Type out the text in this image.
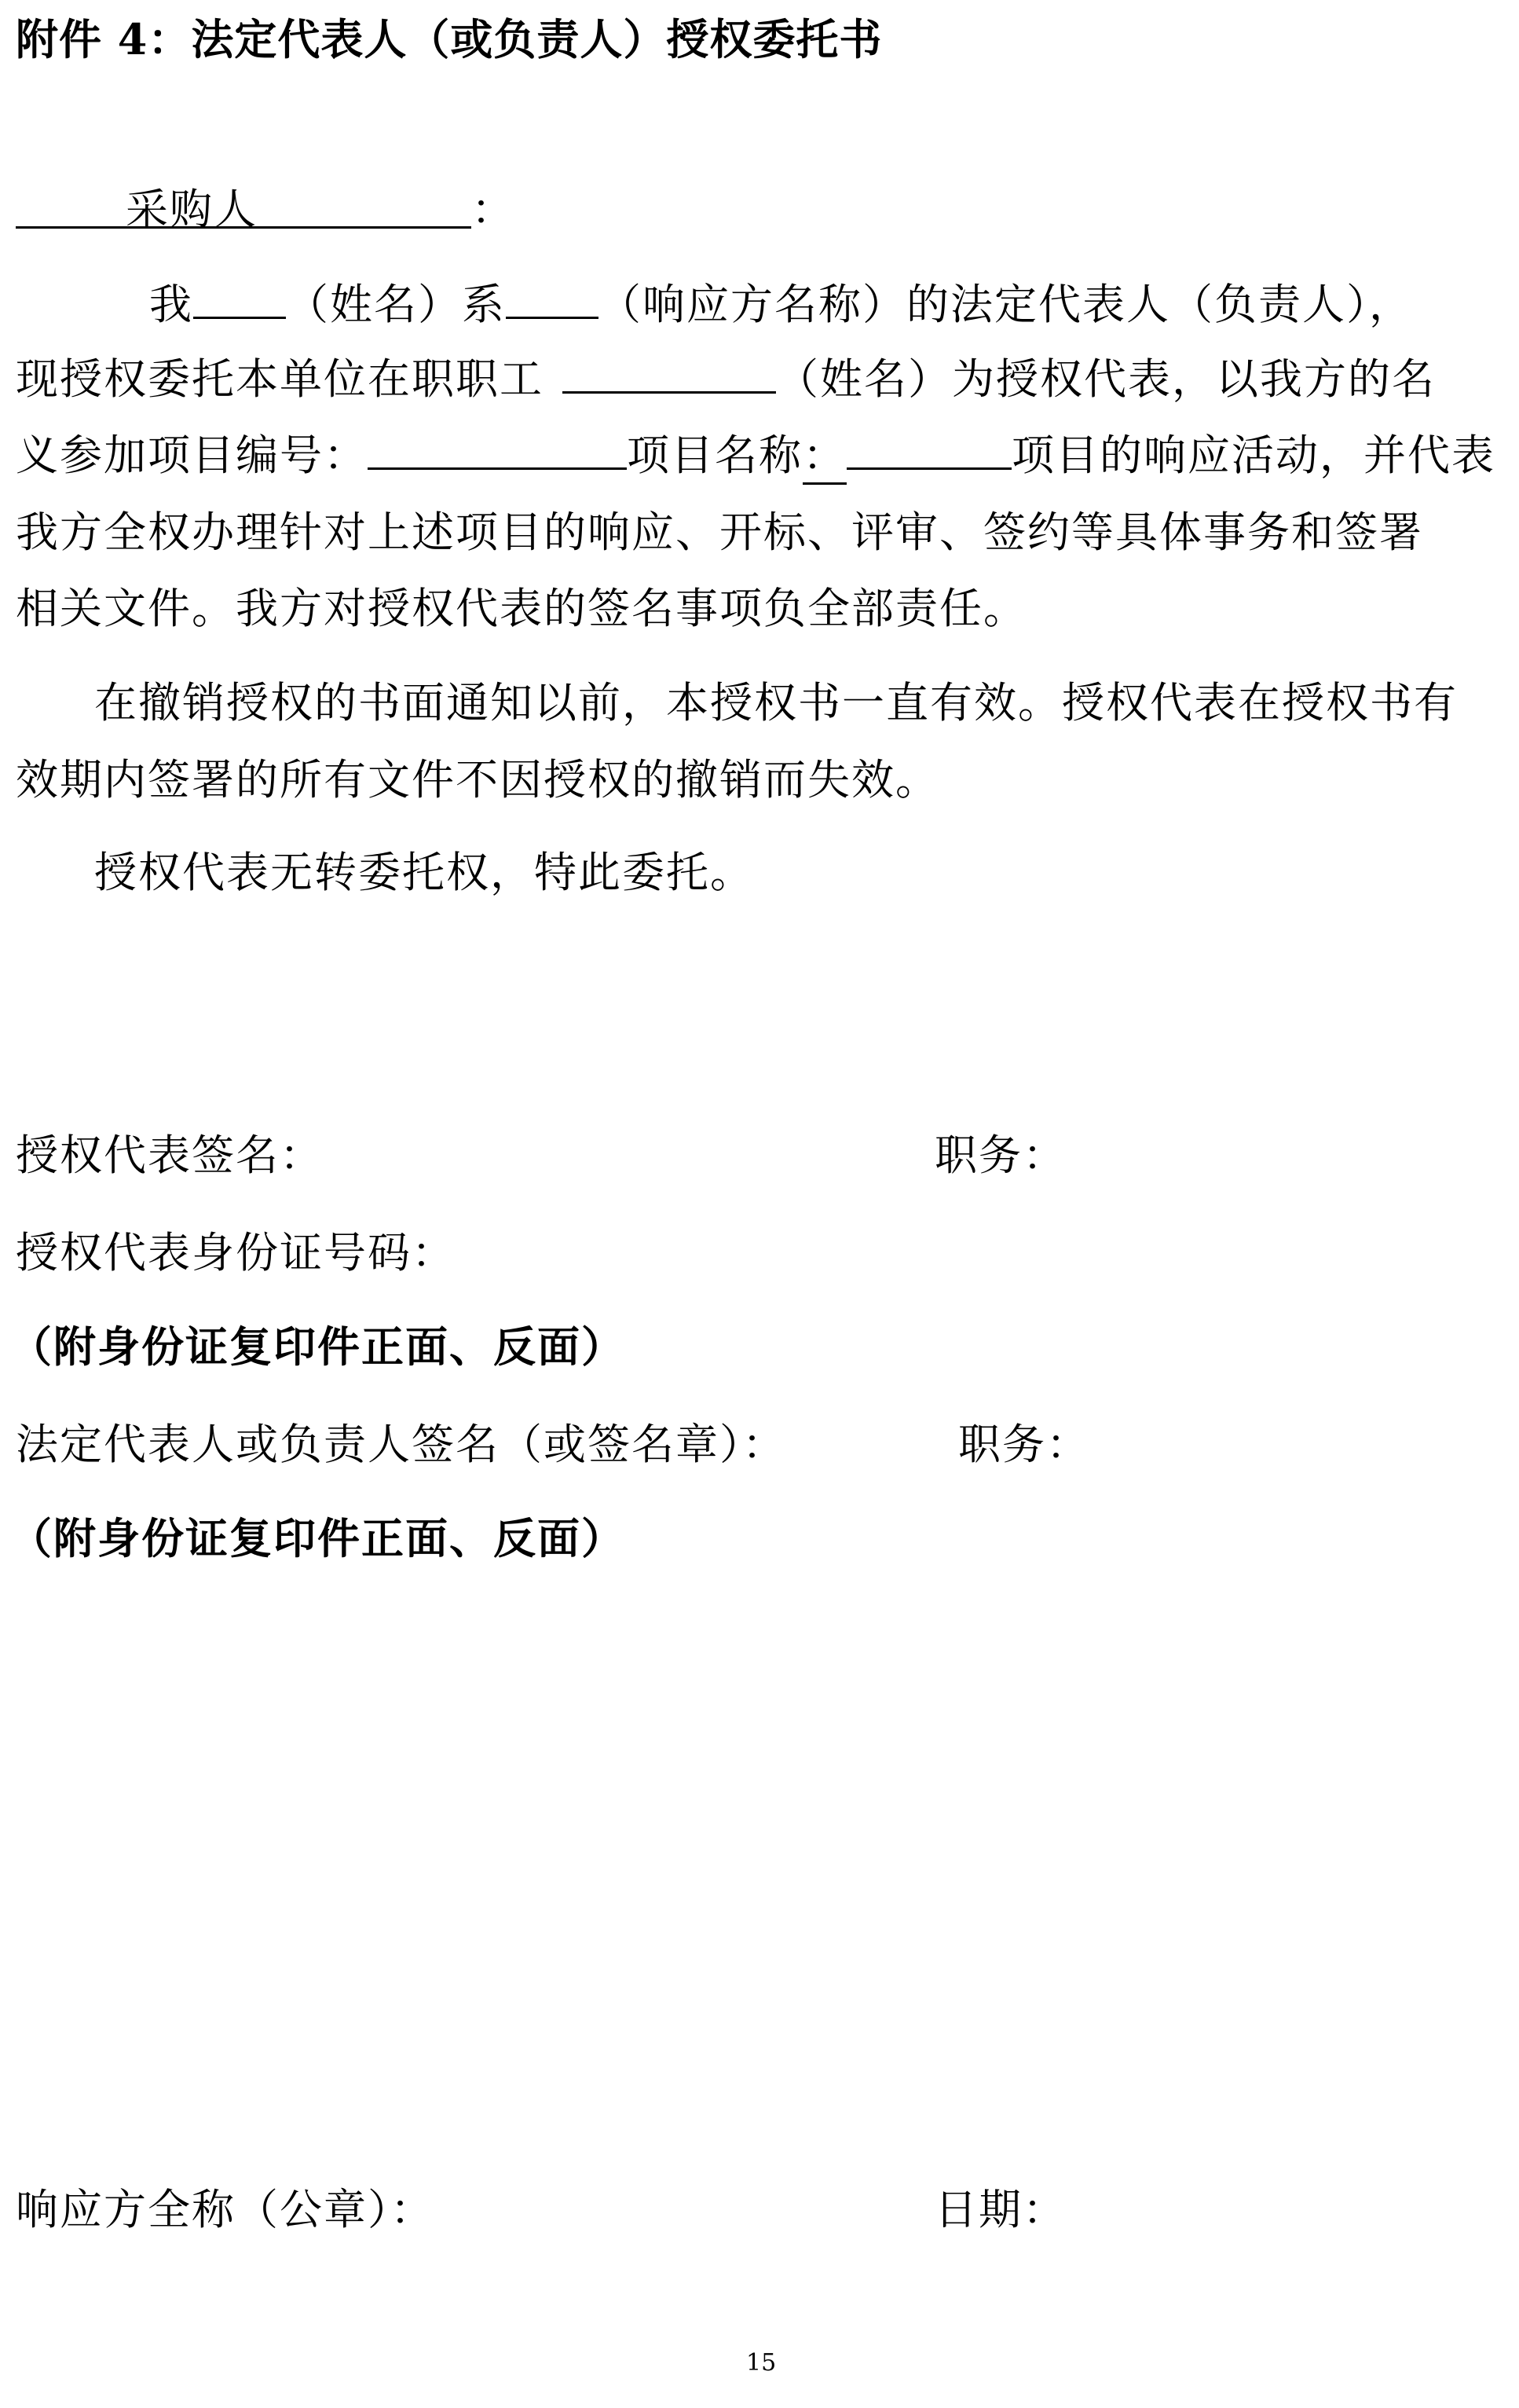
附件 4：法定代表人（或负责人）授权委托书
采购人	：
我 （姓名）系 （响应方名称）的法定代表人（负责人），
现授权委托本单位在职职工	（姓名）为授权代表，以我方的名
义参加项目编号：	项目名称：	项目的响应活动，并代表
我方全权办理针对上述项目的响应、开标、评审、签约等具体事务和签署
相关文件。我方对授权代表的签名事项负全部责任。
在撤销授权的书面通知以前，本授权书一直有效。授权代表在授权书有
效期内签署的所有文件不因授权的撤销而失效。
授权代表无转委托权，特此委托。
授权代表签名：	职务：
授权代表身份证号码：
（附身份证复印件正面、反面）
法定代表人或负责人签名（或签名章）：	职务：
（附身份证复印件正面、反面）
响应方全称（公章）：	日期：
15
